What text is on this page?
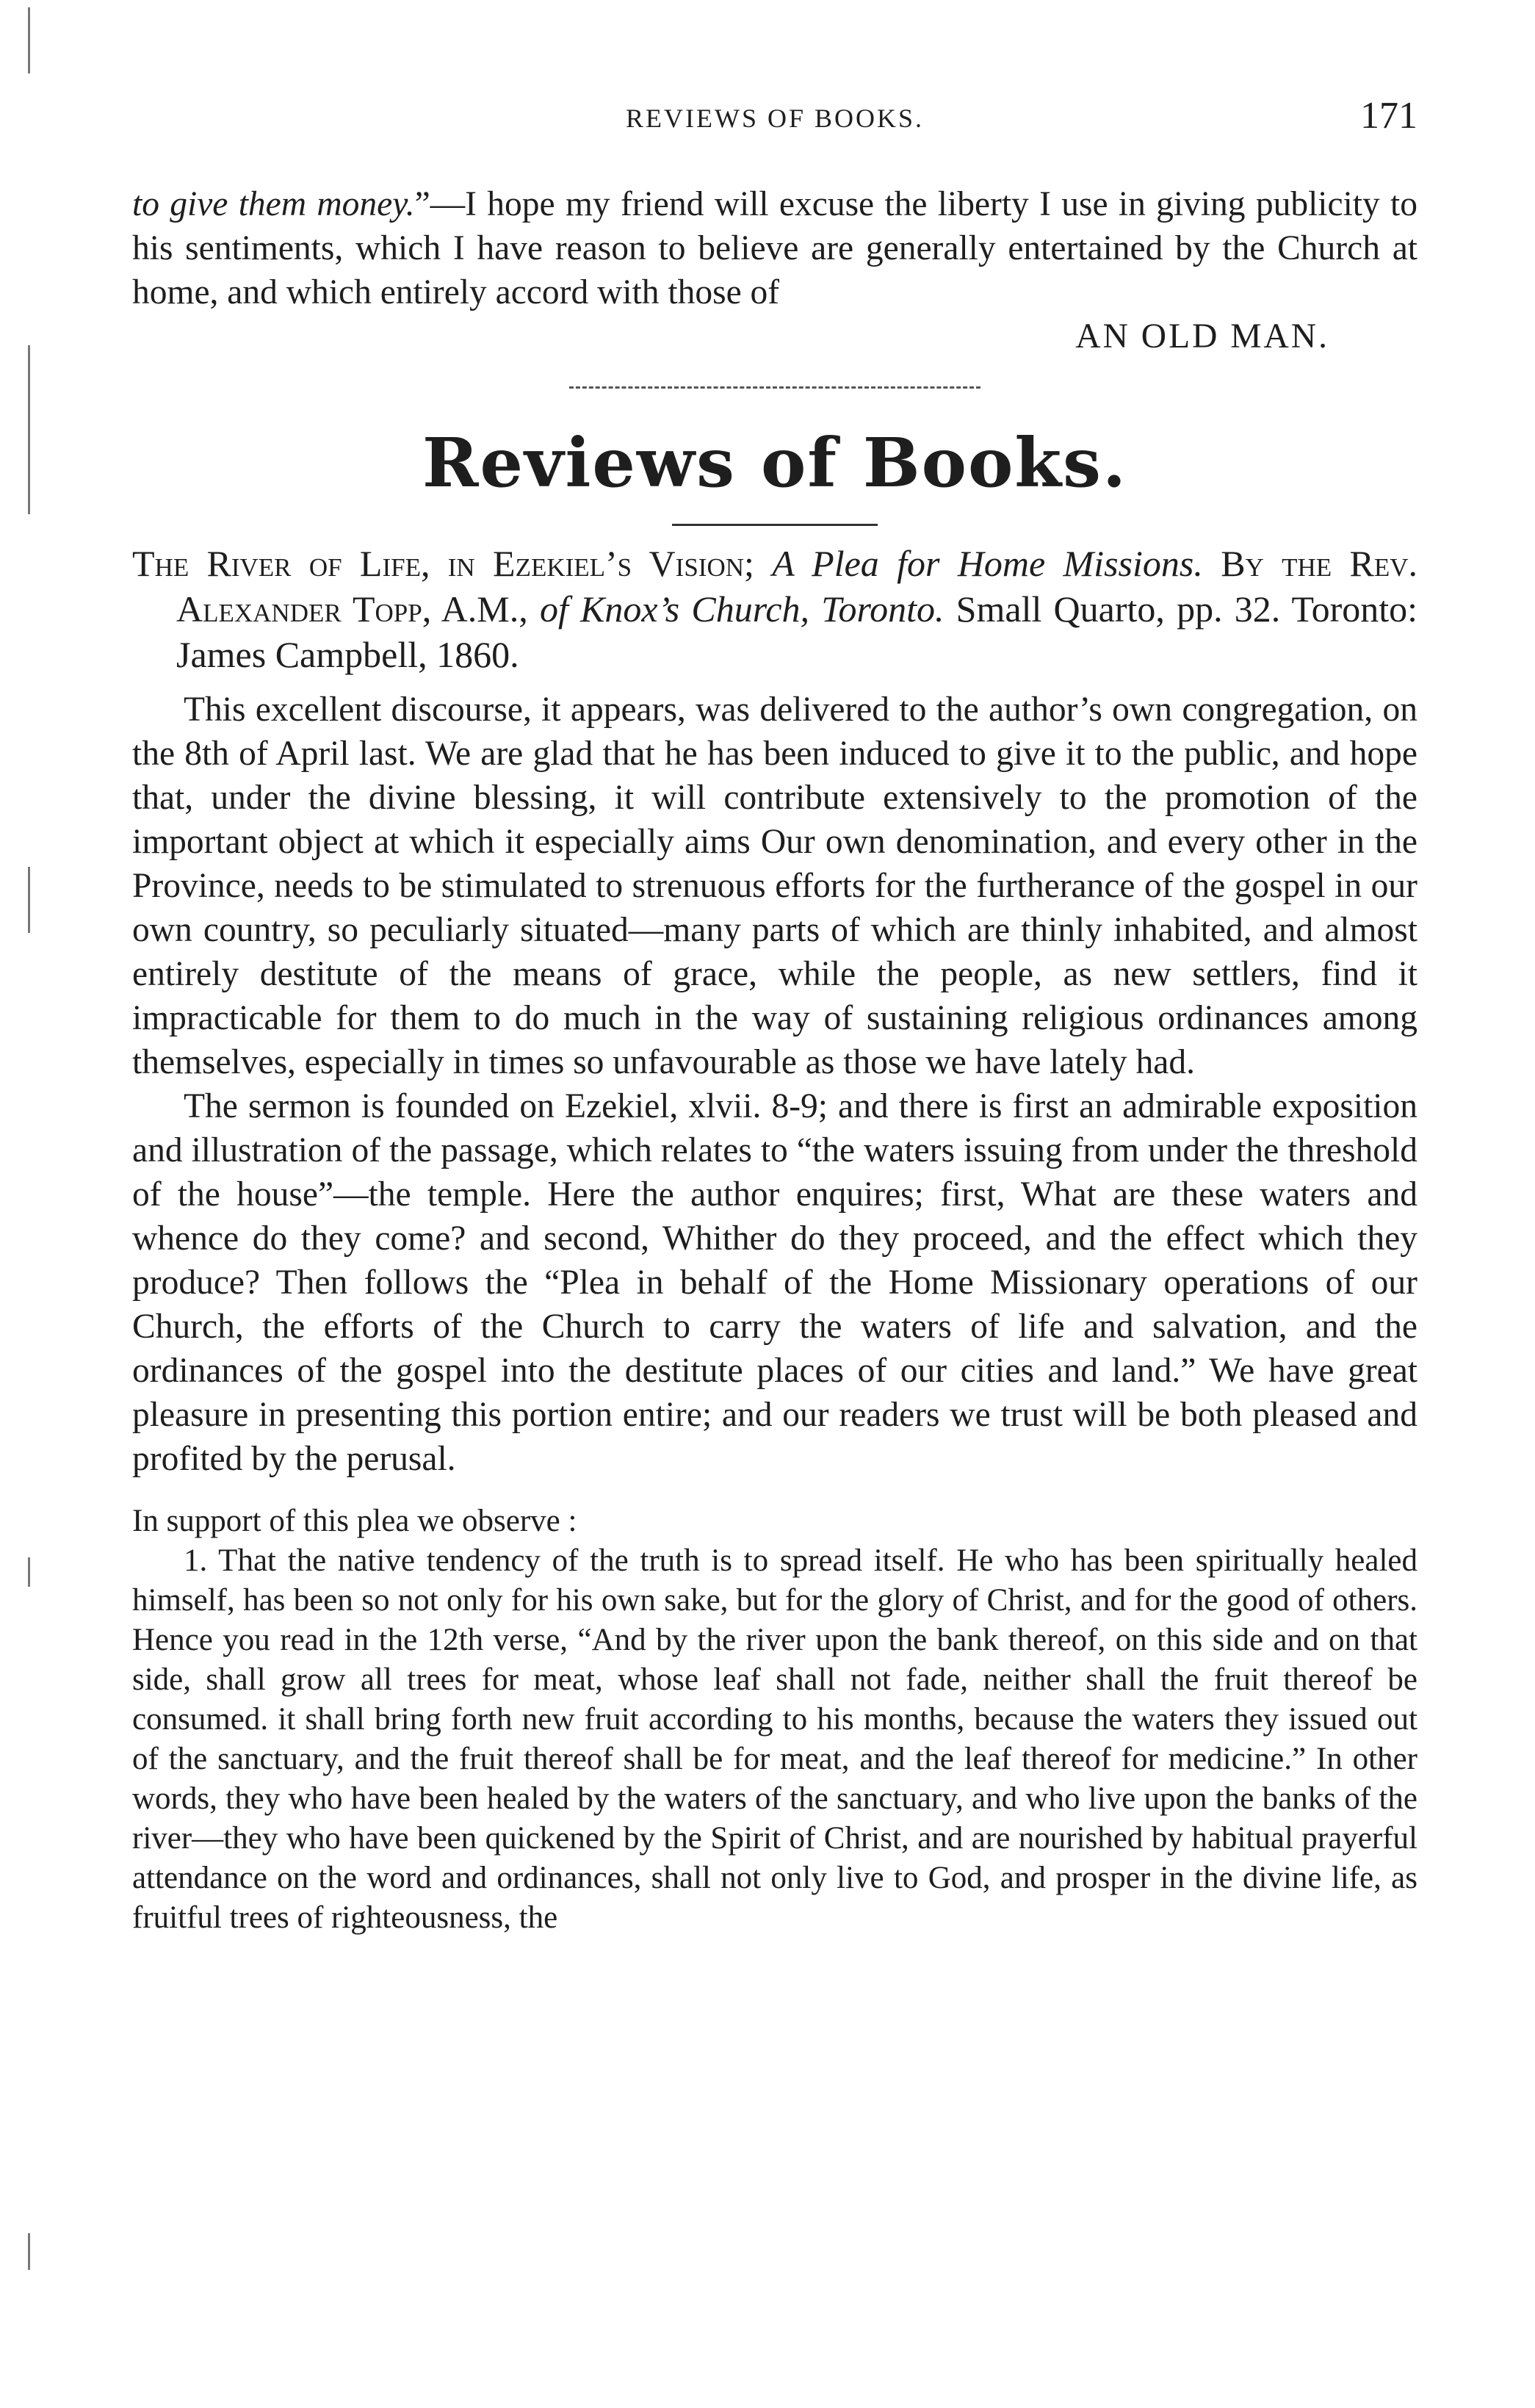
REVIEWS OF BOOKS.	171

to give them money.”—I hope my friend will excuse the liberty I use in giving publicity to his sentiments, which I have reason to believe are generally entertained by the Church at home, and which entirely accord with those of

AN OLD MAN.
Reviews of Books.

The River of Life, in Ezekiel’s Vision; A Plea for Home Missions. By the Rev. Alexander Topp, A.M., of Knox’s Church, Toronto. Small Quarto, pp. 32. Toronto: James Campbell, 1860.

This excellent discourse, it appears, was delivered to the author’s own congregation, on the 8th of April last. We are glad that he has been induced to give it to the public, and hope that, under the divine blessing, it will contribute extensively to the promotion of the important object at which it especially aims Our own denomination, and every other in the Province, needs to be stimulated to strenuous efforts for the furtherance of the gospel in our own country, so peculiarly situated—many parts of which are thinly inhabited, and almost entirely destitute of the means of grace, while the people, as new settlers, find it impracticable for them to do much in the way of sustaining religious ordinances among themselves, especially in times so unfavourable as those we have lately had.

The sermon is founded on Ezekiel, xlvii. 8-9; and there is first an admirable exposition and illustration of the passage, which relates to “the waters issuing from under the threshold of the house”—the temple. Here the author enquires; first, What are these waters and whence do they come? and second, Whither do they proceed, and the effect which they produce? Then follows the “Plea in behalf of the Home Missionary operations of our Church, the efforts of the Church to carry the waters of life and salvation, and the ordinances of the gospel into the destitute places of our cities and land.” We have great pleasure in presenting this portion entire; and our readers we trust will be both pleased and profited by the perusal.

In support of this plea we observe :

1. That the native tendency of the truth is to spread itself. He who has been spiritually healed himself, has been so not only for his own sake, but for the glory of Christ, and for the good of others. Hence you read in the 12th verse, “And by the river upon the bank thereof, on this side and on that side, shall grow all trees for meat, whose leaf shall not fade, neither shall the fruit thereof be consumed. it shall bring forth new fruit according to his months, because the waters they issued out of the sanctuary, and the fruit thereof shall be for meat, and the leaf thereof for medicine.” In other words, they who have been healed by the waters of the sanctuary, and who live upon the banks of the river—they who have been quickened by the Spirit of Christ, and are nourished by habitual prayerful attendance on the word and ordinances, shall not only live to God, and prosper in the divine life, as fruitful trees of righteousness, the
